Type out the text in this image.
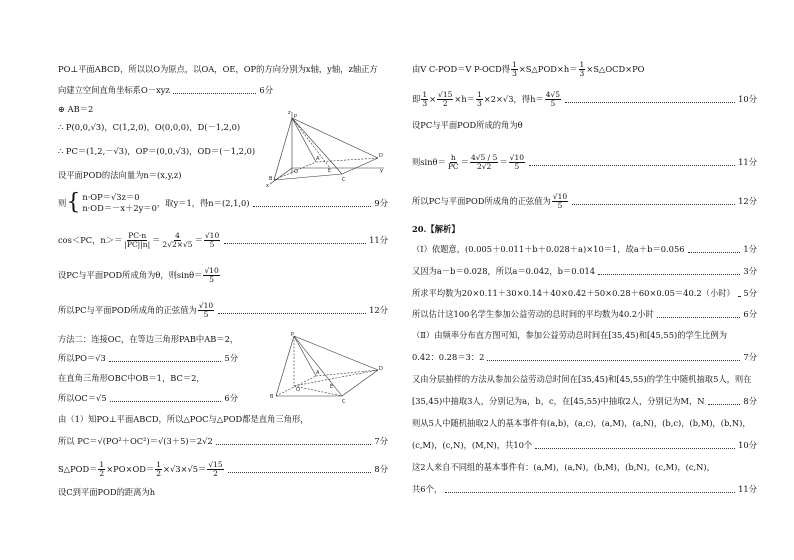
PO⊥平面ABCD，所以以O为原点，以OA，OE，OP的方向分别为x轴，y轴，z轴正方
向建立空间直角坐标系O－xyz	6分
⊕ AB＝2
∴ P(0,0,√3)，C(1,2,0)，O(0,0,0)，D(－1,2,0)
∴ PC＝(1,2,－√3)，OP＝(0,0,√3)，OD＝(－1,2,0)
设平面POD的法向量为n＝(x,y,z)
则 { n·OP＝√3z＝0
n·OD＝－x＋2y＝0
，取y＝1，得n＝(2,1,0)	9分
cos＜PC，$n>= \frac{PC\cdot n}{|PC||n|} = \frac{4}{2√2\times√5} = \frac{√10}{5}$	11分
设PC与平面POD所成角为θ，则$\sin\theta= \frac{√10}{5}$
所以PC与平面POD所成角的正弦值为 $\frac{√10}{5}$	12分
方法二：连接OC，在等边三角形PAB中AB＝2，
所以PO＝√3	5分
在直角三角形OBC中OB＝1，BC＝2，
所以OC＝√5	6分
由（1）知PO⊥平面ABCD，所以△POC与△POD都是直角三角形，
所以 PC＝√(PO²＋OC²)＝√(3＋5)＝2√2	7分
S△POD＝ $\frac{1}{2} \times PO\times OD= \frac{1}{2} \times√3\times√5= \frac{√15}{2}$	8分
设C到平面POD的距离为h
z
P
D
y
E
O
A
B	C
x
P
D
O	E
A
B
C
由V C-POD＝V P-OCD得 $\frac{1}{3}$ ×S△POD×h＝ $\frac{1}{3}$ ×S△OCD×PO
即 $\frac{1}{3} \times \frac{√15}{2} \times h= \frac{1}{3} \times 2\times√3$，得$h= \frac{4√5}{5}$	10分
设PC与平面POD所成的角为θ
则$\sin\theta= \frac{h}{PC} = \frac{4√5 / 5}{2√2} = \frac{√10}{5}$	11分
所以PC与平面POD所成角的正弦值为 $\frac{√10}{5}$	12分
20.【解析】
（Ⅰ）依题意，(0.005＋0.011＋b＋0.028＋a)×10＝1，故a＋b＝0.056	1分
又因为a－b＝0.028，所以a＝0.042，b＝0.014	3分
所求平均数为20×0.11＋30×0.14＋40×0.42＋50×0.28＋60×0.05＝40.2（小时） 5分
所以估计这100名学生参加公益劳动的总时间的平均数为40.2小时	6分
（Ⅱ）由频率分布直方图可知，参加公益劳动总时间在[35,45)和[45,55)的学生比例为
0.42：0.28＝3：2	7分
又由分层抽样的方法从参加公益劳动总时间在[35,45)和[45,55)的学生中随机抽取5人，则在
[35,45)中抽取3人，分别记为a，b，c，在[45,55)中抽取2人，分别记为M，N	8分
则从5人中随机抽取2人的基本事件有(a,b)，(a,c)，(a,M)，(a,N)，(b,c)，(b,M)，(b,N)，
(c,M)，(c,N)，(M,N)，共10个	10分
这2人来自不同组的基本事件有：(a,M)，(a,N)，(b,M)，(b,N)，(c,M)，(c,N)，
共6个，	11分
